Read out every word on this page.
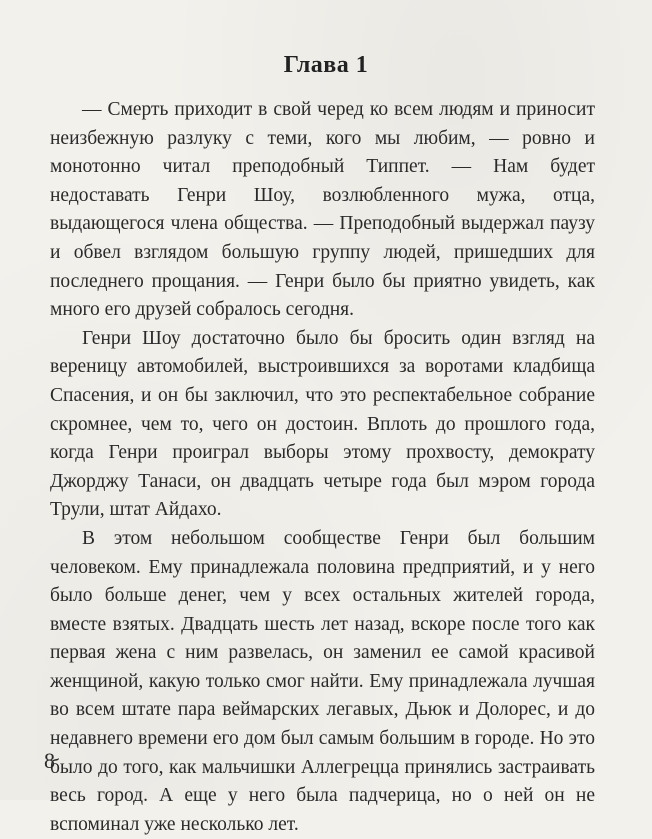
Глава 1

— Смерть приходит в свой черед ко всем людям и приносит неизбежную разлуку с теми, кого мы любим, — ровно и монотонно читал преподобный Типпет. — Нам будет недоставать Генри Шоу, возлюбленного мужа, отца, выдающегося члена общества. — Преподобный выдержал паузу и обвел взглядом большую группу людей, пришедших для последнего прощания. — Генри было бы приятно увидеть, как много его друзей собралось сегодня.

Генри Шоу достаточно было бы бросить один взгляд на вереницу автомобилей, выстроившихся за воротами кладбища Спасения, и он бы заключил, что это респектабельное собрание скромнее, чем то, чего он достоин. Вплоть до прошлого года, когда Генри проиграл выборы этому прохвосту, демократу Джорджу Танаси, он двадцать четыре года был мэром города Трули, штат Айдахо.

В этом небольшом сообществе Генри был большим человеком. Ему принадлежала половина предприятий, и у него было больше денег, чем у всех остальных жителей города, вместе взятых. Двадцать шесть лет назад, вскоре после того как первая жена с ним развелась, он заменил ее самой красивой женщиной, какую только смог найти. Ему принадлежала лучшая во всем штате пара веймарских легавых, Дьюк и Долорес, и до недавнего времени его дом был самым большим в городе. Но это было до того, как мальчишки Аллегрецца принялись застраивать весь город. А еще у него была падчерица, но о ней он не вспоминал уже несколько лет.

8
